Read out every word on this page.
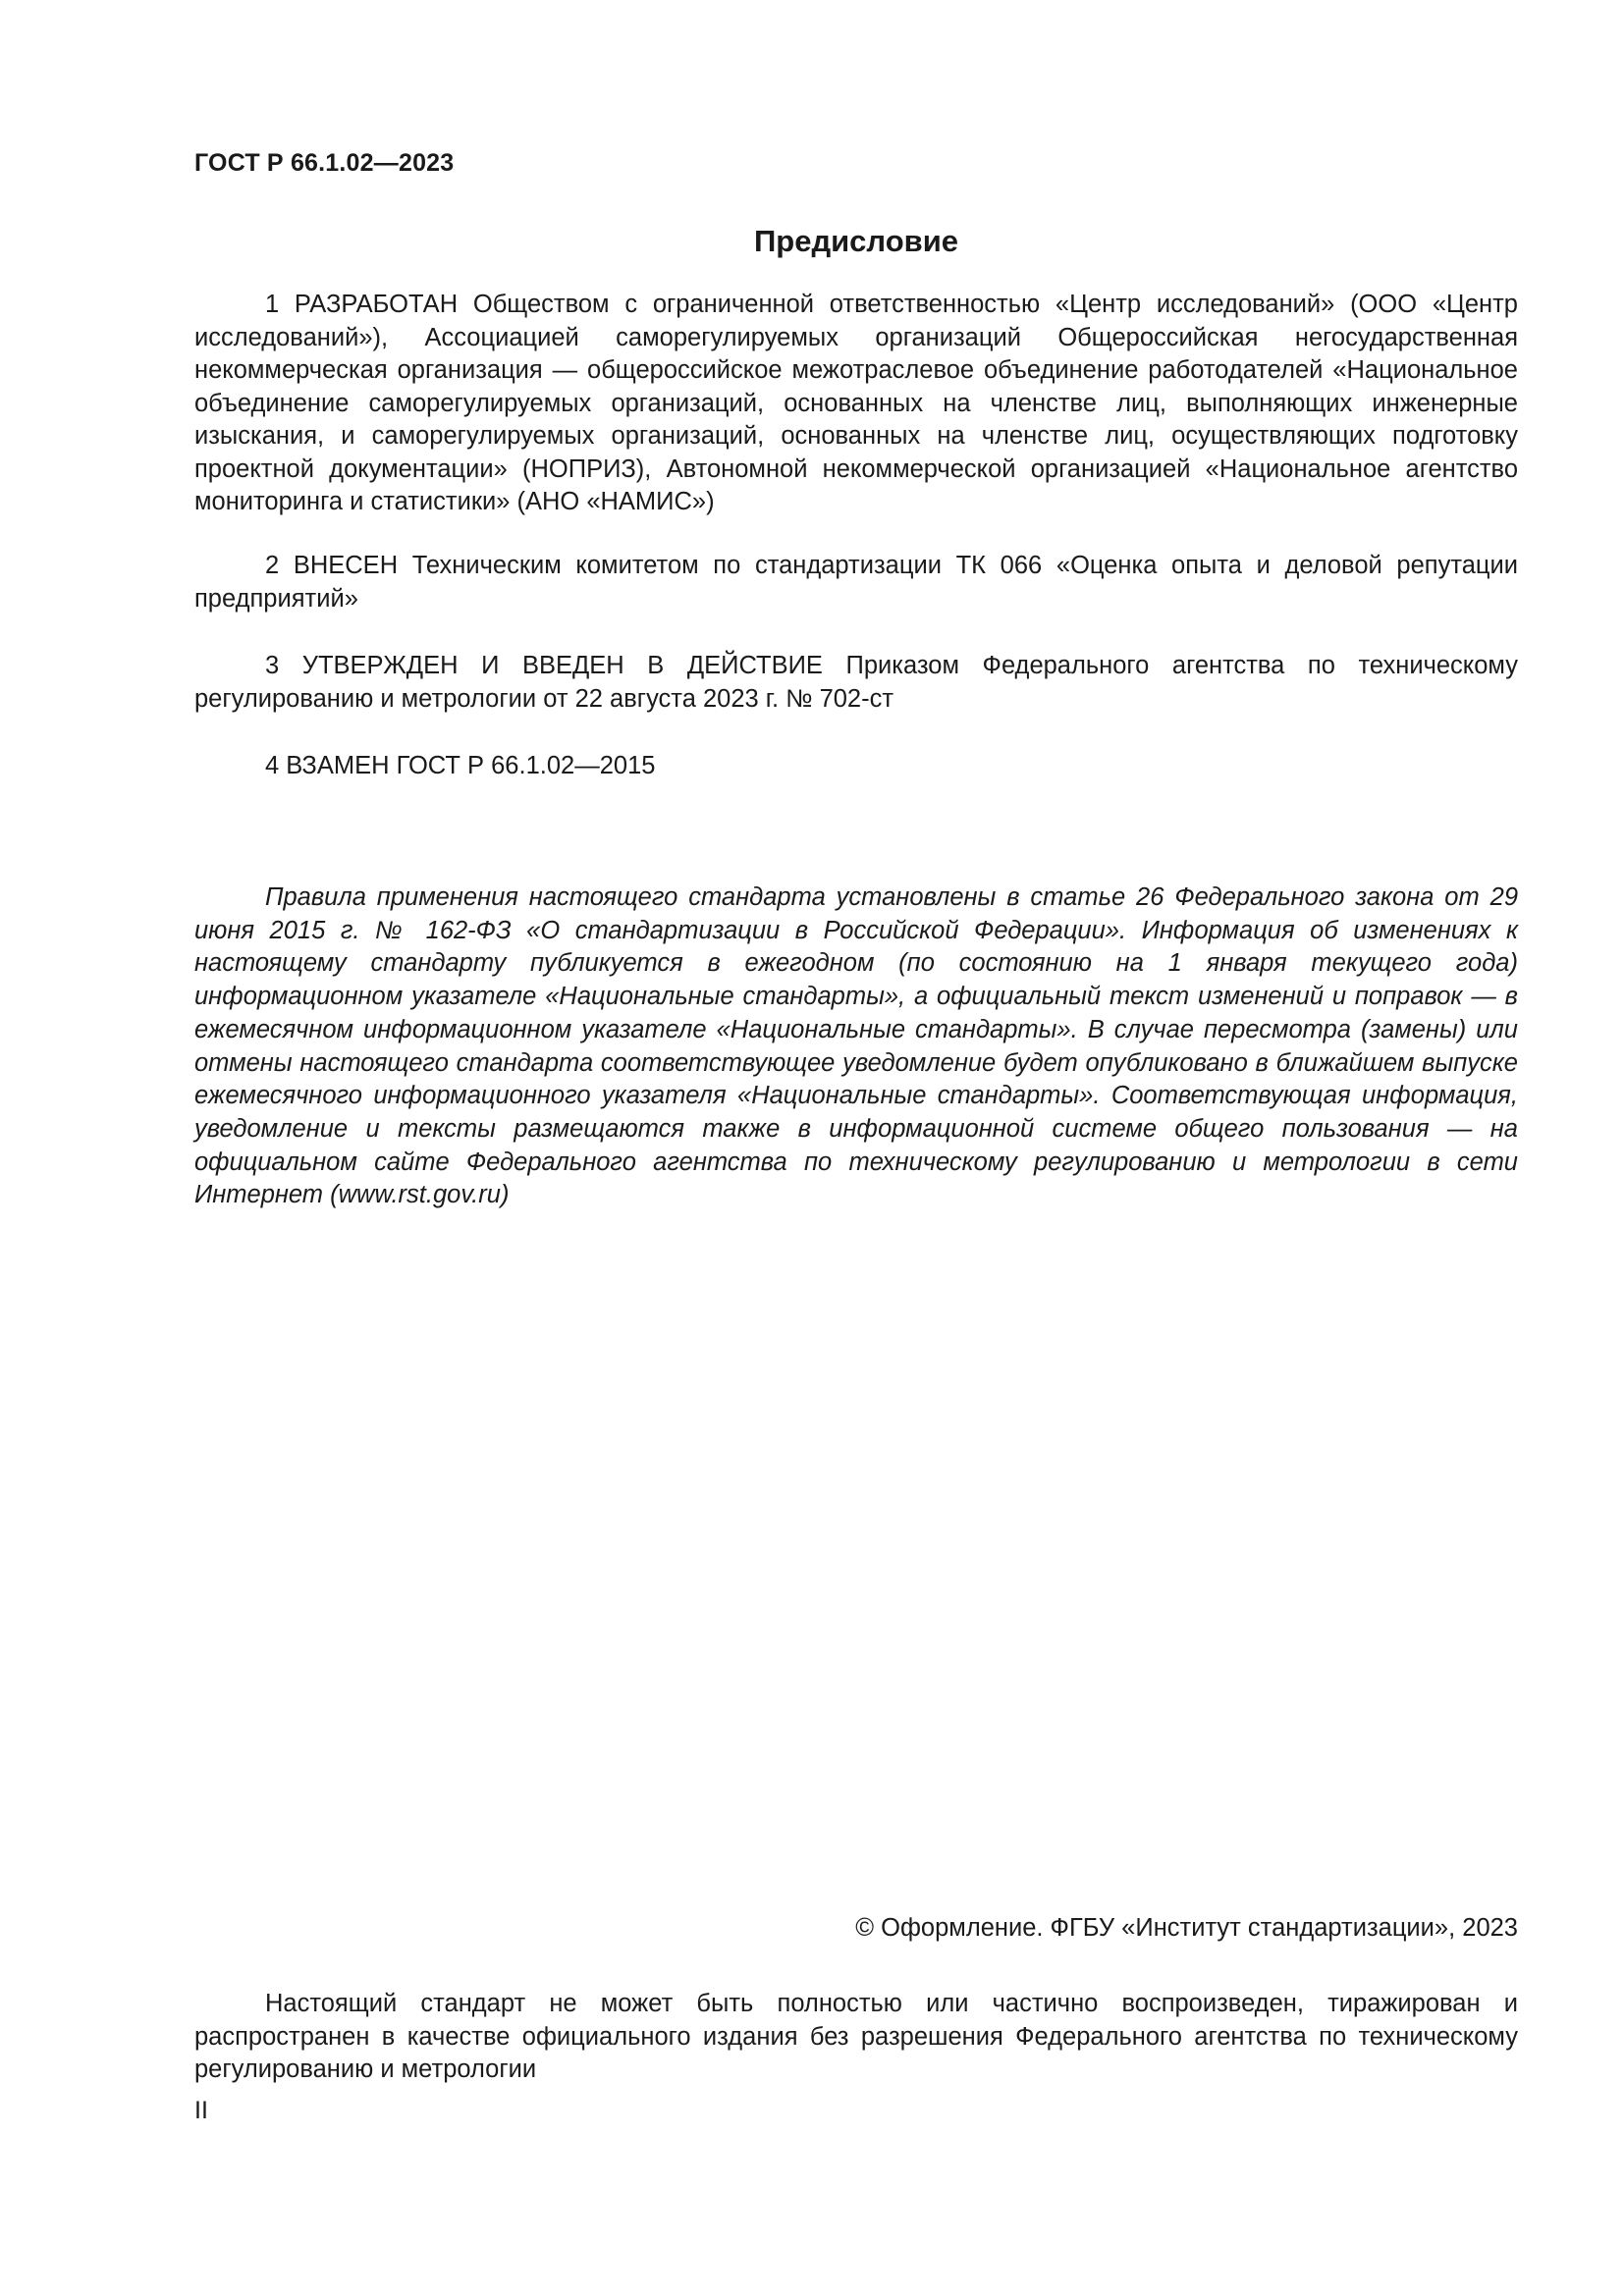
ГОСТ Р 66.1.02—2023
Предисловие

1 РАЗРАБОТАН Обществом с ограниченной ответственностью «Центр исследований» (ООО «Центр исследований»), Ассоциацией саморегулируемых организаций Общероссийская негосударственная некоммерческая организация — общероссийское межотраслевое объединение работодателей «Национальное объединение саморегулируемых организаций, основанных на членстве лиц, выполняющих инженерные изыскания, и саморегулируемых организаций, основанных на членстве лиц, осуществляющих подготовку проектной документации» (НОПРИЗ), Автономной некоммерческой организацией «Национальное агентство мониторинга и статистики» (АНО «НАМИС»)

2 ВНЕСЕН Техническим комитетом по стандартизации ТК 066 «Оценка опыта и деловой репутации предприятий»

3 УТВЕРЖДЕН И ВВЕДЕН В ДЕЙСТВИЕ Приказом Федерального агентства по техническому регулированию и метрологии от 22 августа 2023 г. № 702-ст

4 ВЗАМЕН ГОСТ Р 66.1.02—2015

Правила применения настоящего стандарта установлены в статье 26 Федерального закона от 29 июня 2015 г. № 162-ФЗ «О стандартизации в Российской Федерации». Информация об изменениях к настоящему стандарту публикуется в ежегодном (по состоянию на 1 января текущего года) информационном указателе «Национальные стандарты», а официальный текст изменений и поправок — в ежемесячном информационном указателе «Национальные стандарты». В случае пересмотра (замены) или отмены настоящего стандарта соответствующее уведомление будет опубликовано в ближайшем выпуске ежемесячного информационного указателя «Национальные стандарты». Соответствующая информация, уведомление и тексты размещаются также в информационной системе общего пользования — на официальном сайте Федерального агентства по техническому регулированию и метрологии в сети Интернет (www.rst.gov.ru)

© Оформление. ФГБУ «Институт стандартизации», 2023

Настоящий стандарт не может быть полностью или частично воспроизведен, тиражирован и распространен в качестве официального издания без разрешения Федерального агентства по техническому регулированию и метрологии

II
